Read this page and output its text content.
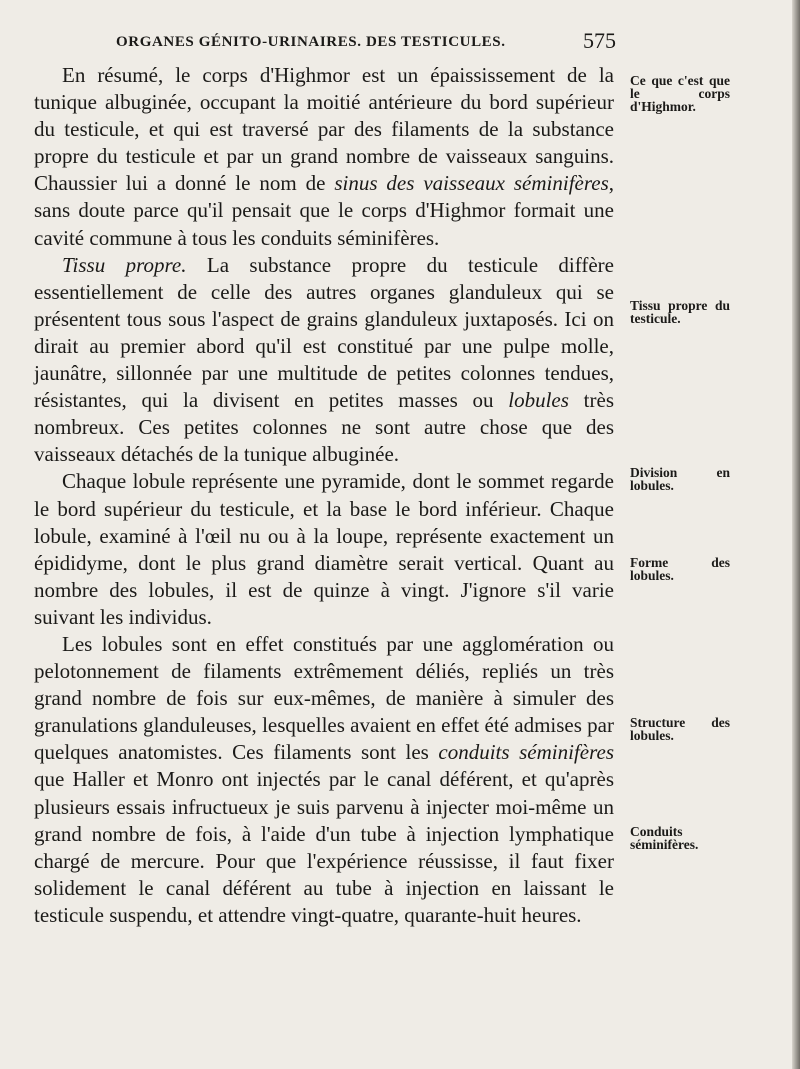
ORGANES GÉNITO-URINAIRES. DES TESTICULES.	575

En résumé, le corps d'Highmor est un épaississement de la tunique albuginée, occupant la moitié antérieure du bord supérieur du testicule, et qui est traversé par des filaments de la substance propre du testicule et par un grand nombre de vaisseaux sanguins. Chaussier lui a donné le nom de sinus des vaisseaux séminifères, sans doute parce qu'il pensait que le corps d'Highmor formait une cavité commune à tous les conduits séminifères.

Tissu propre. La substance propre du testicule diffère essentiellement de celle des autres organes glanduleux qui se présentent tous sous l'aspect de grains glanduleux juxtaposés. Ici on dirait au premier abord qu'il est constitué par une pulpe molle, jaunâtre, sillonnée par une multitude de petites colonnes tendues, résistantes, qui la divisent en petites masses ou lobules très nombreux. Ces petites colonnes ne sont autre chose que des vaisseaux détachés de la tunique albuginée.

Chaque lobule représente une pyramide, dont le sommet regarde le bord supérieur du testicule, et la base le bord inférieur. Chaque lobule, examiné à l'œil nu ou à la loupe, représente exactement un épididyme, dont le plus grand diamètre serait vertical. Quant au nombre des lobules, il est de quinze à vingt. J'ignore s'il varie suivant les individus.

Les lobules sont en effet constitués par une agglomération ou pelotonnement de filaments extrêmement déliés, repliés un très grand nombre de fois sur eux-mêmes, de manière à simuler des granulations glanduleuses, lesquelles avaient en effet été admises par quelques anatomistes. Ces filaments sont les conduits séminifères que Haller et Monro ont injectés par le canal déférent, et qu'après plusieurs essais infructueux je suis parvenu à injecter moi-même un grand nombre de fois, à l'aide d'un tube à injection lymphatique chargé de mercure. Pour que l'expérience réussisse, il faut fixer solidement le canal déférent au tube à injection en laissant le testicule suspendu, et attendre vingt-quatre, quarante-huit heures.

Ce que c'est que le corps d'Highmor.
Tissu propre du testicule.
Division en lobules.
Forme des lobules.
Structure des lobules.
Conduits séminifères.
